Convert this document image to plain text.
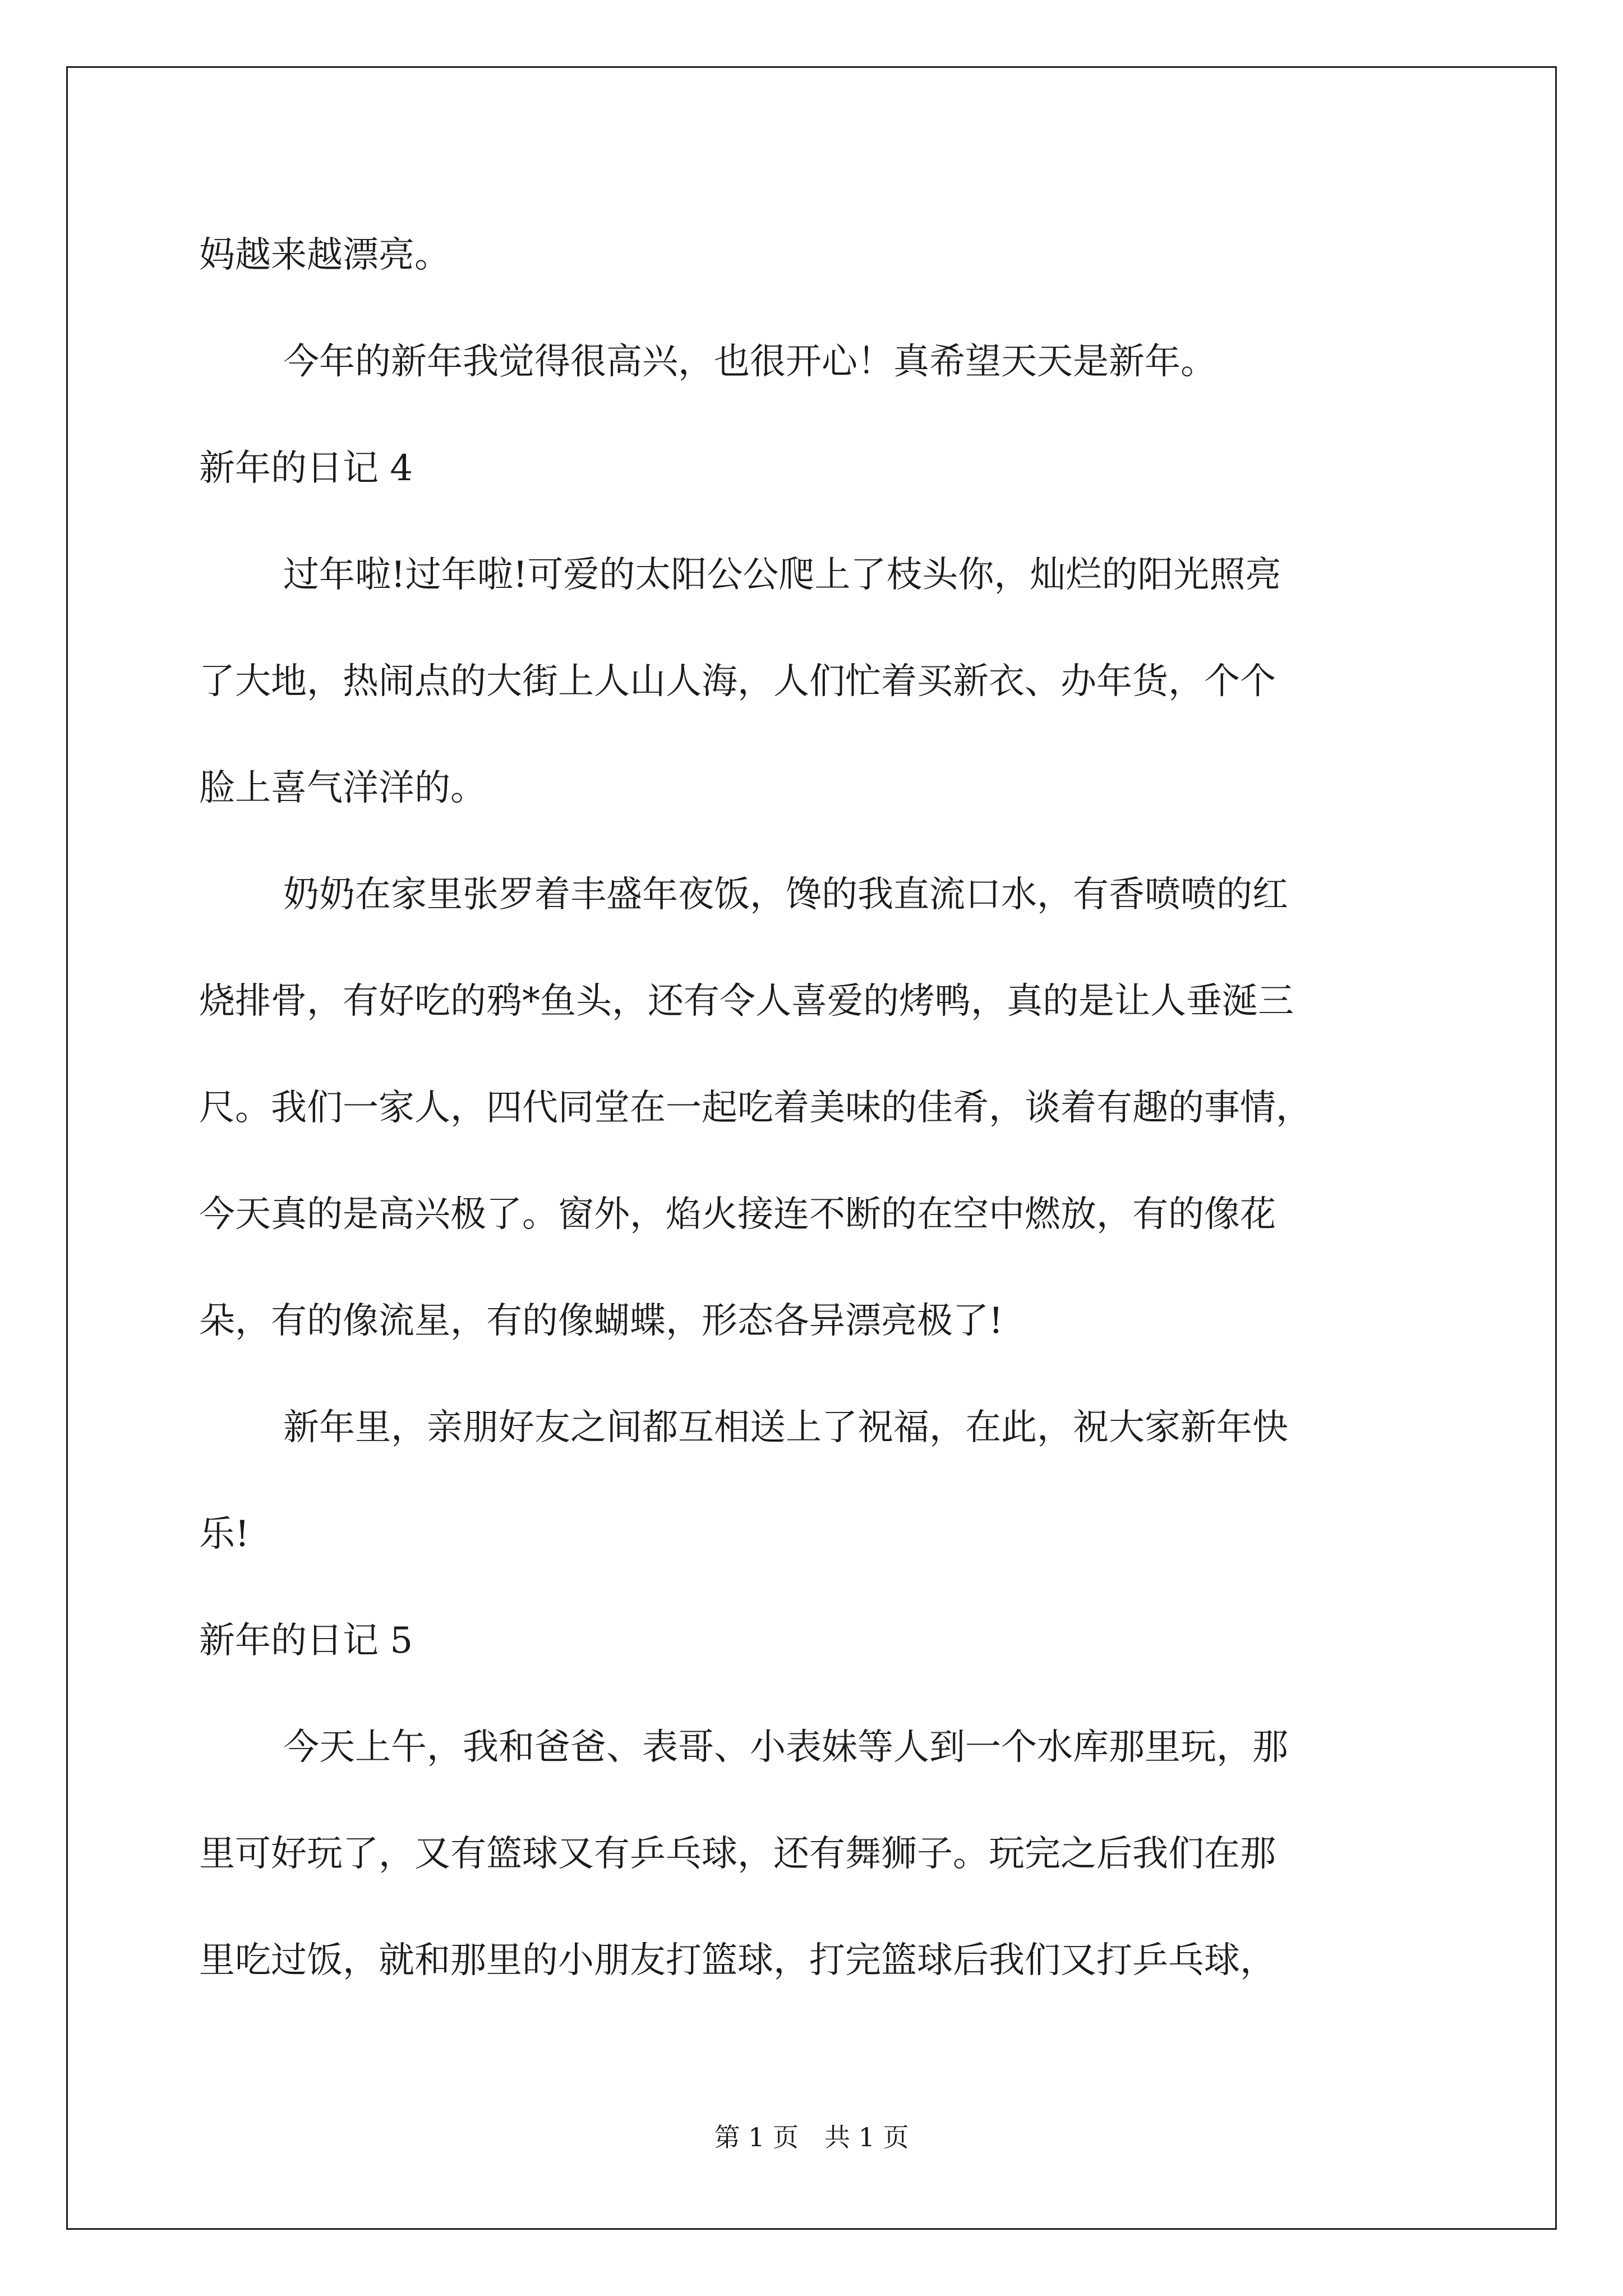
妈越来越漂亮。
今年的新年我觉得很高兴，也很开心！真希望天天是新年。
新年的日记 4
过年啦!过年啦!可爱的太阳公公爬上了枝头你，灿烂的阳光照亮
了大地，热闹点的大街上人山人海，人们忙着买新衣、办年货，个个
脸上喜气洋洋的。
奶奶在家里张罗着丰盛年夜饭，馋的我直流口水，有香喷喷的红
烧排骨，有好吃的鸦*鱼头，还有令人喜爱的烤鸭，真的是让人垂涎三
尺。我们一家人，四代同堂在一起吃着美味的佳肴，谈着有趣的事情，
今天真的是高兴极了。窗外，焰火接连不断的在空中燃放，有的像花
朵，有的像流星，有的像蝴蝶，形态各异漂亮极了!
新年里，亲朋好友之间都互相送上了祝福，在此，祝大家新年快
乐!
新年的日记 5
今天上午，我和爸爸、表哥、小表妹等人到一个水库那里玩，那
里可好玩了，又有篮球又有乒乓球，还有舞狮子。玩完之后我们在那
里吃过饭，就和那里的小朋友打篮球，打完篮球后我们又打乒乓球，
第 1 页　共 1 页
